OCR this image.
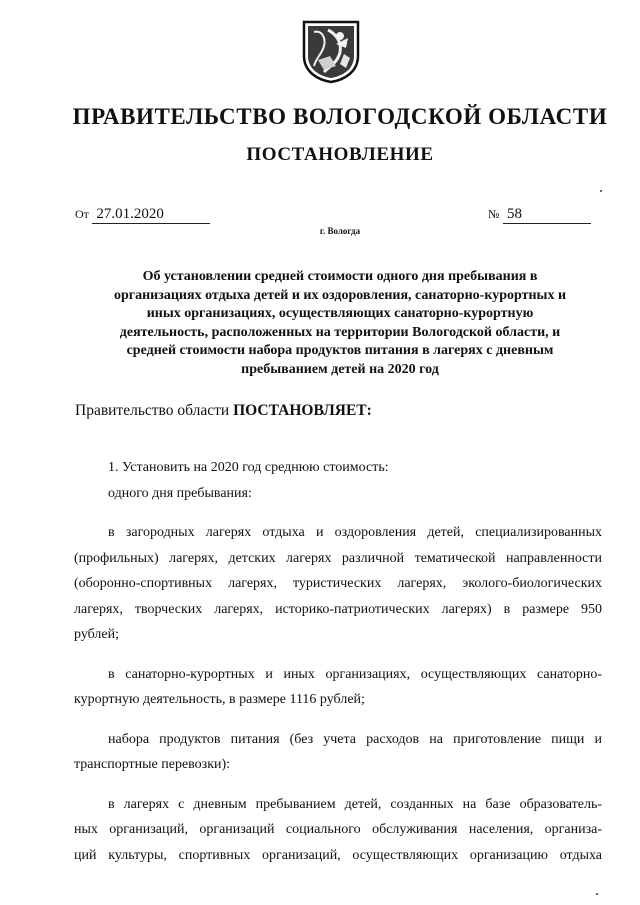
ПРАВИТЕЛЬСТВО ВОЛОГОДСКОЙ ОБЛАСТИ
ПОСТАНОВЛЕНИЕ
От 27.01.2020	№ 58
г. Вологда
Об установлении средней стоимости одного дня пребывания в
организациях отдыха детей и их оздоровления, санаторно-курортных и
иных организациях, осуществляющих санаторно-курортную
деятельность, расположенных на территории Вологодской области, и
средней стоимости набора продуктов питания в лагерях с дневным
пребыванием детей на 2020 год
Правительство области ПОСТАНОВЛЯЕТ:
1. Установить на 2020 год среднюю стоимость:
одного дня пребывания:
в загородных лагерях отдыха и оздоровления детей, специализированных
(профильных) лагерях, детских лагерях различной тематической направленности
(оборонно-спортивных лагерях, туристических лагерях, эколого-биологических
лагерях, творческих лагерях, историко-патриотических лагерях) в размере 950
рублей;
в санаторно-курортных и иных организациях, осуществляющих санаторно-
курортную деятельность, в размере 1116 рублей;
набора продуктов питания (без учета расходов на приготовление пищи и
транспортные перевозки):
в лагерях с дневным пребыванием детей, созданных на базе образователь-
ных организаций, организаций социального обслуживания населения, организа-
ций культуры, спортивных организаций, осуществляющих организацию отдыха
